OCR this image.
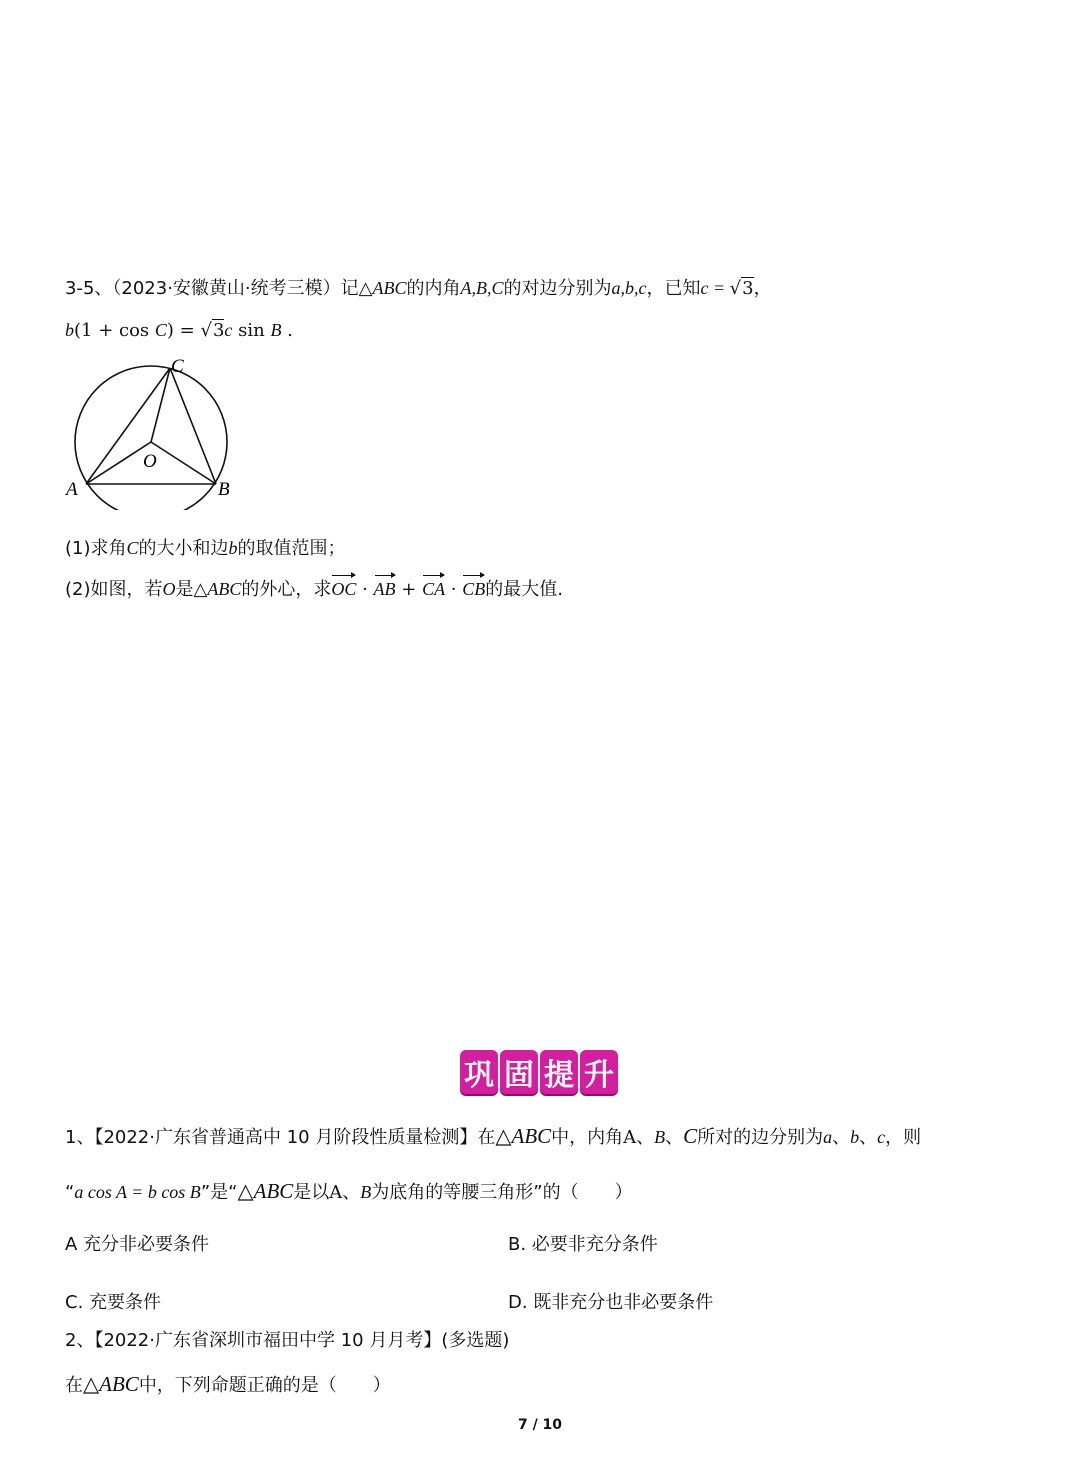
3-5、（2023·安徽黄山·统考三模）记△ABC的内角A,B,C的对边分别为a,b,c，已知c = √3，
b(1 + cos C) = √3c sin B .
C
O
A	B
(1)求角C的大小和边b的取值范围；
(2)如图，若O是△ABC的外心，求OC · AB + CA · CB的最大值.
巩 固 提 升
1、【2022·广东省普通高中 10 月阶段性质量检测】在△ABC中，内角A、B、C所对的边分别为a、b、c，则
“a cos A = b cos B”是“△ABC是以A、B为底角的等腰三角形”的（　　）
A 充分非必要条件	B. 必要非充分条件
C. 充要条件	D. 既非充分也非必要条件
2、【2022·广东省深圳市福田中学 10 月月考】(多选题)
在△ABC中，下列命题正确的是（　　）
7 / 10
